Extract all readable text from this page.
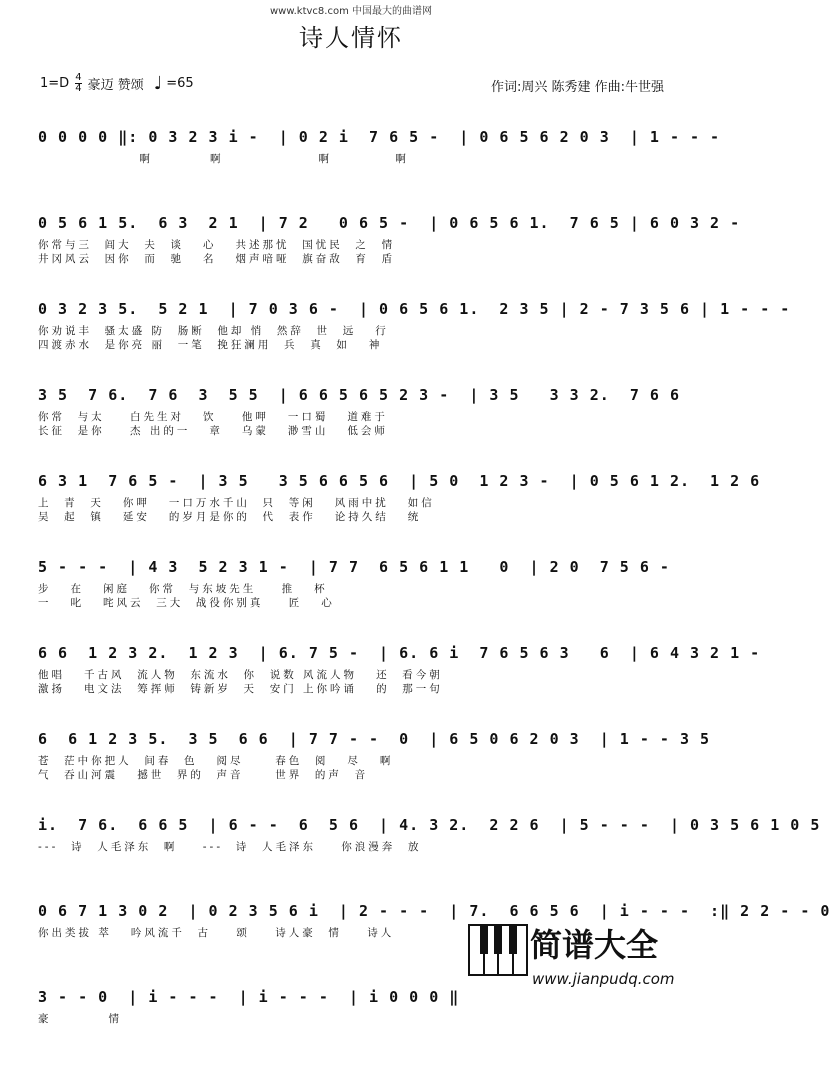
www.ktvc8.com 中国最大的曲谱网
诗人情怀
$1=D \frac{4}{4}$ 豪迈 赞颂 ♩ =65	作词:周兴 陈秀建 作曲:牛世强
0 0 0 0 ‖: 0 3 2 3 i -  | 0 2 i  7 6 5 -  | 0 6 5 6 2 0 3  | 1 - - -
啊         啊               啊          啊
0 5 6 1 5.  6 3  2 1  | 7 2   0 6 5 -  | 0 6 5 6 1.  7 6 5 | 6 0 3 2 -
你常与三  闾大  夫  谈   心   共述那忧  国忧民  之  情
井冈风云  因你  而  驰   名   烟声喑哑  旗奋敌  育  盾
0 3 2 3 5.  5 2 1  | 7 0 3 6 -  | 0 6 5 6 1.  2 3 5 | 2 - 7 3 5 6 | 1 - - -
你劝说丰  骚太盛 防  肠断  他却 悄  然辞  世  远   行
四渡赤水  是你亮 丽  一笔  挽狂澜用  兵  真  如   神
3 5  7 6.  7 6  3  5 5  | 6 6 5 6 5 2 3 -  | 3 5   3 3 2.  7 6 6
你常  与太    白先生对   饮    他呷   一口蜀   道难于
长征  是你    杰 出的一   章   乌蒙   渺雪山   低会师
6 3 1  7 6 5 -  | 3 5   3 5 6 6 5 6  | 5 0  1 2 3 -  | 0 5 6 1 2.  1 2 6
上  青  天   你呷   一口万水千山  只  等闲   风雨中扰   如信
吴  起  镇   延安   的岁月是你的  代  表作   论持久结   统
5 - - -  | 4 3  5 2 3 1 -  | 7 7  6 5 6 1 1   0  | 2 0  7 5 6 -
步   在   闲庭   你常  与东坡先生    推   杯
一   叱   咤风云  三大  战役你别真    匠   心
6 6  1 2 3 2.  1 2 3  | 6. 7 5 -  | 6. 6 i  7 6 5 6 3   6  | 6 4 3 2 1 -
他唱   千古风  流人物  东流水  你  说数 风流人物   还  看今朝
激扬   电文法  筹挥师  铸新岁  天  安门 上你吟诵   的  那一句
6  6 1 2 3 5.  3 5  6 6  | 7 7 - -  0  | 6 5 0 6 2 0 3  | 1 - - 3 5
苍  茫中你把人  间春  色   阅尽     春色  阅   尽   啊
气  吞山河震   撼世  界的  声音     世界  的声  音
i.  7 6.  6 6 5  | 6 - -  6  5 6  | 4. 3 2.  2 2 6  | 5 - - -  | 0 3 5 6 1 0 5
---  诗  人毛泽东  啊    ---  诗  人毛泽东    你浪漫奔  放
0 6 7 1 3 0 2  | 0 2 3 5 6 i  | 2 - - -  | 7.  6 6 5 6  | i - - -  :‖ 2 2 - - 0
你出类拔 萃   吟风流千  古    颂    诗人豪  情    诗人
3 - - 0  | i - - -  | i - - -  | i 0 0 0 ‖
豪         情
简谱大全
www.jianpudq.com
